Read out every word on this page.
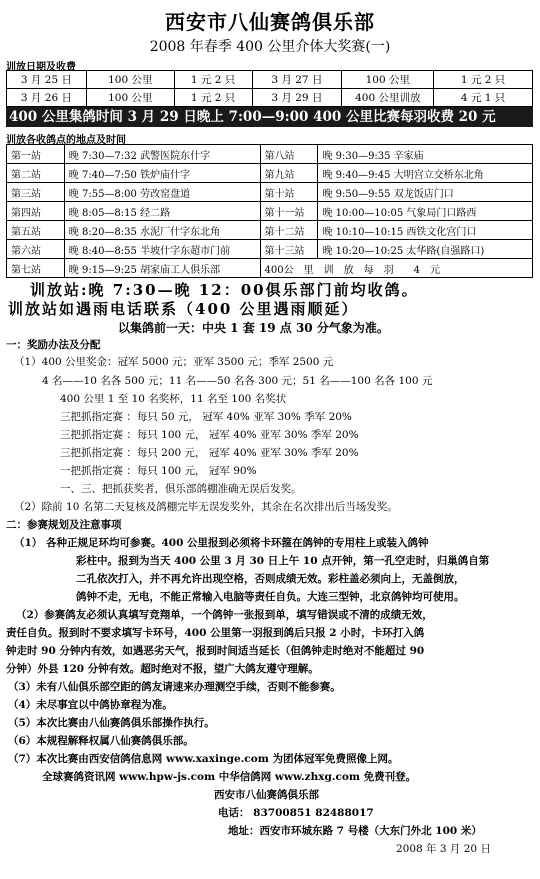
西安市八仙赛鸽俱乐部
2008 年春季 400 公里介体大奖赛(一)
训放日期及收费
3 月 25 日	100 公里	1 元 2 只	3 月 27 日	100 公里	1 元 2 只
3 月 26 日	100 公里	1 元 2 只	3 月 29 日	400 公里训放	4 元 1 只
400 公里集鸽时间 3 月 29 日晚上 7:00—9:00 400 公里比赛每羽收费 20 元
训放各收鸽点的地点及时间
第一站	晚 7:30—7:32 武警医院东什字	第八站	晚 9:30—9:35 辛家庙
第二站	晚 7:40—7:50 铁炉庙什字	第九站	晚 9:40—9:45 大明宫立交桥东北角
第三站	晚 7:55—8:00 劳改窑盘道	第十站	晚 9:50—9:55 双龙饭店门口
第四站	晚 8:05—8:15 经二路	第十一站	晚 10:00—10:05 气象局门口路西
第五站	晚 8:20—8:35 水泥厂什字东北角	第十二站	晚 10:10—10:15 西铁文化宫门口
第六站	晚 8:40—8:55 半坡什字东超市门前	第十三站	晚 10:20—10:25 太华路(自强路口)
第七站	晚 9:15—9:25 胡家庙工人俱乐部	400公　里　训　放　每　羽　　4　元	
训放站:晚 7:30—晚 12：00俱乐部门前均收鸽。
训放站如遇雨电话联系（400 公里遇雨顺延）
以集鸽前一天：中央 1 套 19 点 30 分气象为准。
一：奖励办法及分配
（1）400 公里奖金：冠军 5000 元；亚军 3500 元；季军 2500 元
4 名——10 名各 500 元；11 名——50 名各 300 元；51 名——100 名各 100 元
400 公里 1 至 10 名奖杯，11 名至 100 名奖状
三把抓指定赛 ：每只 50 元， 冠军 40% 亚军 30% 季军 20%
三把抓指定赛 ：每只 100 元， 冠军 40% 亚军 30% 季军 20%
三把抓指定赛 ：每只 200 元， 冠军 40% 亚军 30% 季军 20%
一把抓指定赛 ：每只 100 元， 冠军 90%
一、三、把抓获奖者，俱乐部鸽棚准确无误后发奖。
（2）除前 10 名第二天复核及鸽棚完毕无误发奖外，其余在名次排出后当场发奖。
二：参赛规划及注意事项
（1） 各种正规足环均可参赛。400 公里报到必须将卡环箍在鸽钟的专用柱上或装入鸽钟
彩柱中。报到为当天 400 公里 3 月 30 日上午 10 点开钟，第一孔空走时，归巢鸽自第
二孔依次打入，并不再允许出现空格，否则成绩无效。彩柱盖必须向上，无盖倒放，
鸽钟不走，无电，不能正常输入电脑等责任自负。大连三型钟，北京鸽钟均可使用。
（2）参赛鸽友必须认真填写竞翔单，一个鸽钟一张报到单，填写错误或不清的成绩无效，
责任自负。报到时不要求填写卡环号，400 公里第一羽报到鸽后只报 2 小时，卡环打入鸽
钟走时 90 分钟内有效，如遇恶劣天气，报到时间适当延长（但鸽钟走时绝对不能超过 90
分钟）外县 120 分钟有效。超时绝对不报，望广大鸽友遵守理解。
（3）未有八仙俱乐部空距的鸽友请速来办理测空手续，否则不能参赛。
（4）未尽事宜以中鸽协章程为准。
（5）本次比赛由八仙赛鸽俱乐部操作执行。
（6）本规程解释权属八仙赛鸽俱乐部。
（7）本次比赛由西安信鸽信息网 www.xaxinge.com 为团体冠军免费照像上网。
全球赛鸽资讯网 www.hpw-js.com 中华信鸽网 www.zhxg.com 免费刊登。
西安市八仙赛鸽俱乐部
电话： 83700851 82488017
地址：西安市环城东路 7 号楼（大东门外北 100 米）
2008 年 3 月 20 日
